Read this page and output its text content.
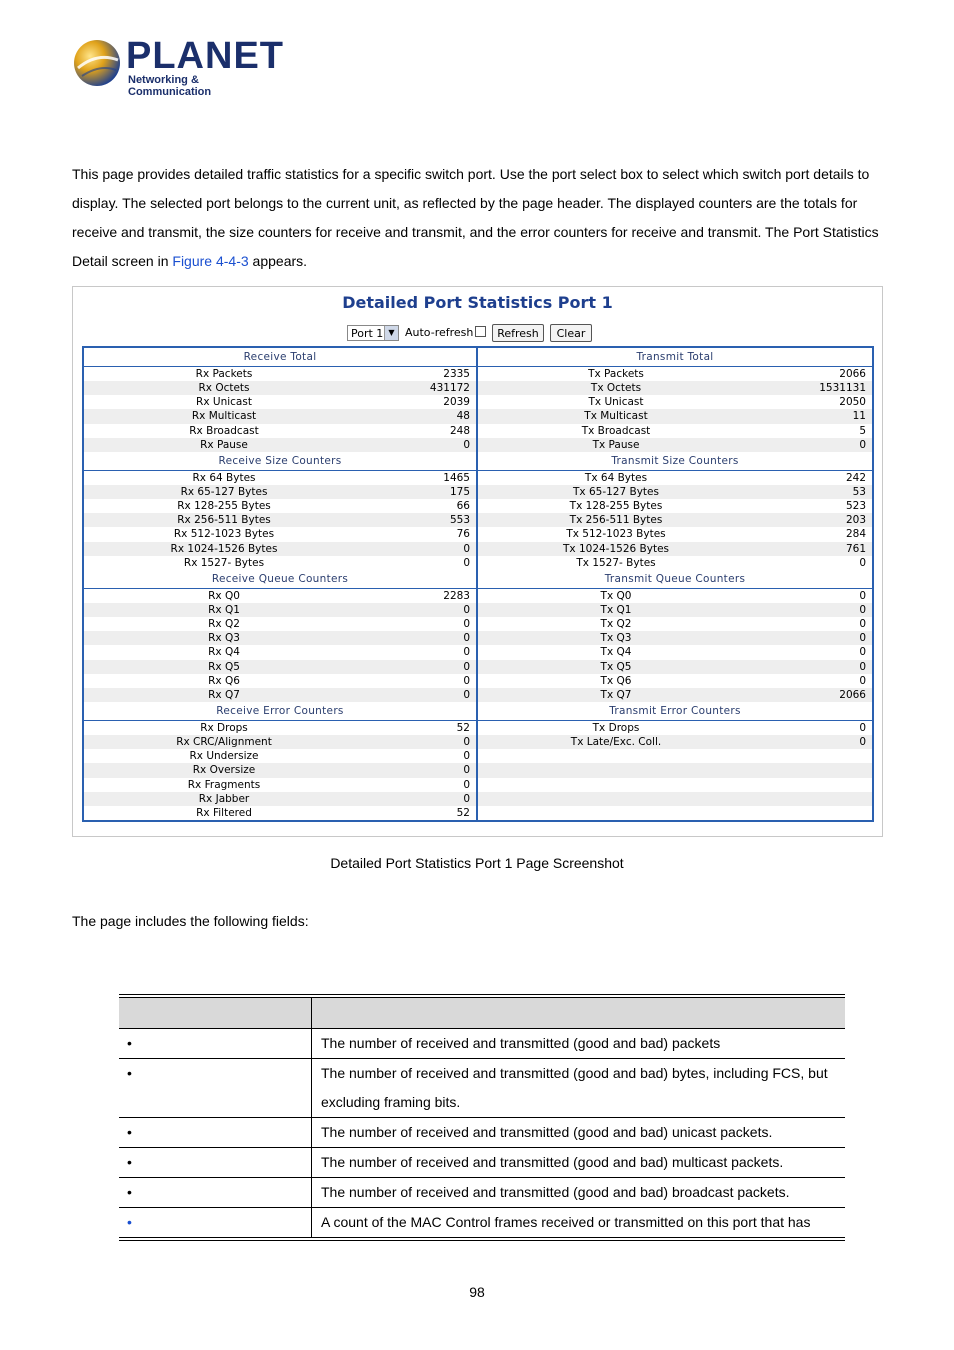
PLANET
Networking & Communication
This page provides detailed traffic statistics for a specific switch port. Use the port select box to select which switch port details to display. The selected port belongs to the current unit, as reflected by the page header. The displayed counters are the totals for receive and transmit, the size counters for receive and transmit, and the error counters for receive and transmit. The Port Statistics Detail screen in Figure 4-4-3 appears.
Detailed Port Statistics Port 1
Port 1 ▼ Auto-refresh	Refresh	Clear
Receive Total	Transmit Total
Rx Packets	2335	Tx Packets	2066
Rx Octets	431172	Tx Octets	1531131
Rx Unicast	2039	Tx Unicast	2050
Rx Multicast	48	Tx Multicast	11
Rx Broadcast	248	Tx Broadcast	5
Rx Pause	0	Tx Pause	0
Receive Size Counters	Transmit Size Counters
Rx 64 Bytes	1465	Tx 64 Bytes	242
Rx 65-127 Bytes	175	Tx 65-127 Bytes	53
Rx 128-255 Bytes	66	Tx 128-255 Bytes	523
Rx 256-511 Bytes	553	Tx 256-511 Bytes	203
Rx 512-1023 Bytes	76	Tx 512-1023 Bytes	284
Rx 1024-1526 Bytes	0	Tx 1024-1526 Bytes	761
Rx 1527- Bytes	0	Tx 1527- Bytes	0
Receive Queue Counters	Transmit Queue Counters
Rx Q0	2283	Tx Q0	0
Rx Q1	0	Tx Q1	0
Rx Q2	0	Tx Q2	0
Rx Q3	0	Tx Q3	0
Rx Q4	0	Tx Q4	0
Rx Q5	0	Tx Q5	0
Rx Q6	0	Tx Q6	0
Rx Q7	0	Tx Q7	2066
Receive Error Counters	Transmit Error Counters
Rx Drops	52	Tx Drops	0
Rx CRC/Alignment	0	Tx Late/Exc. Coll.	0
Rx Undersize	0
Rx Oversize	0
Rx Fragments	0
Rx Jabber	0
Rx Filtered	52
Detailed Port Statistics Port 1 Page Screenshot
The page includes the following fields:
•	The number of received and transmitted (good and bad) packets
•	The number of received and transmitted (good and bad) bytes, including FCS, but excluding framing bits.
•	The number of received and transmitted (good and bad) unicast packets.
•	The number of received and transmitted (good and bad) multicast packets.
•	The number of received and transmitted (good and bad) broadcast packets.
•	A count of the MAC Control frames received or transmitted on this port that has
98
